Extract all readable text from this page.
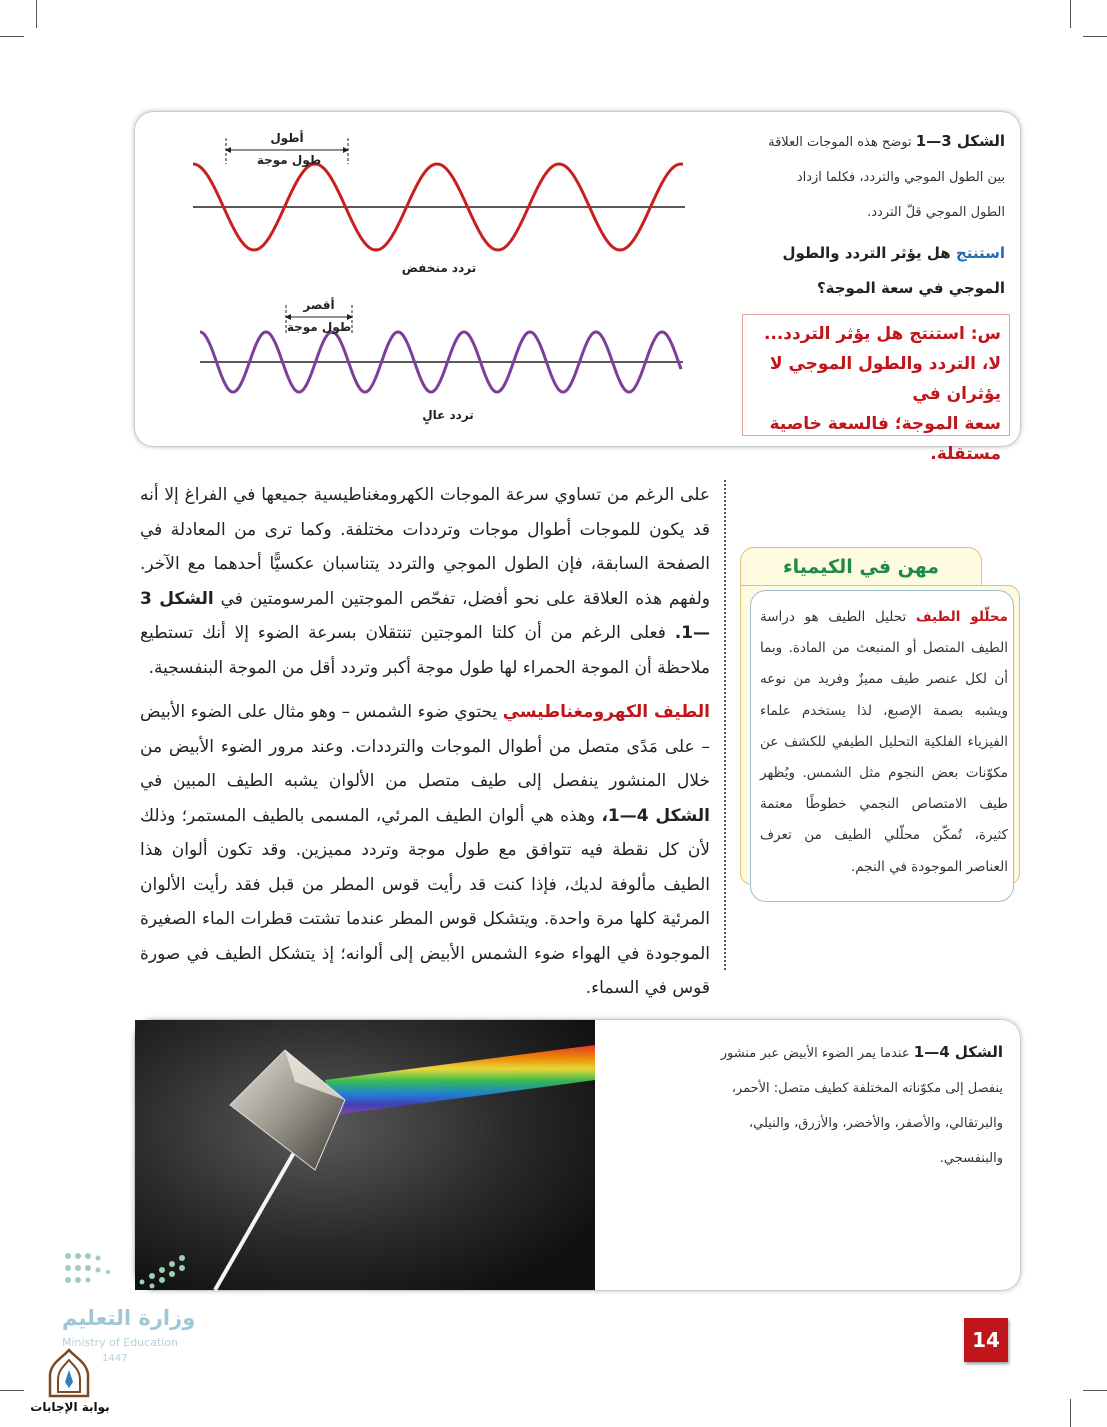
أطول
طول موجة
تردد منخفض
أقصر
طول موجة
تردد عالٍ
الشكل 3—1 توضح هذه الموجات العلاقة بين الطول الموجي والتردد، فكلما ازداد الطول الموجي قلّ التردد.
استنتج هل يؤثر التردد والطول الموجي في سعة الموجة؟
س: استنتج هل يؤثر التردد...
لا، التردد والطول الموجي لا يؤثران في
سعة الموجة؛ فالسعة خاصية مستقلة.

على الرغم من تساوي سرعة الموجات الكهرومغناطيسية جميعها في الفراغ إلا أنه قد يكون للموجات أطوال موجات وترددات مختلفة. وكما ترى من المعادلة في الصفحة السابقة، فإن الطول الموجي والتردد يتناسبان عكسيًّا أحدهما مع الآخر. ولفهم هذه العلاقة على نحو أفضل، تفحّص الموجتين المرسومتين في الشكل 3—1. فعلى الرغم من أن كلتا الموجتين تنتقلان بسرعة الضوء إلا أنك تستطيع ملاحظة أن الموجة الحمراء لها طول موجة أكبر وتردد أقل من الموجة البنفسجية.

الطيف الكهرومغناطيسي يحتوي ضوء الشمس – وهو مثال على الضوء الأبيض – على مَدًى متصل من أطوال الموجات والترددات. وعند مرور الضوء الأبيض من خلال المنشور ينفصل إلى طيف متصل من الألوان يشبه الطيف المبين في الشكل 4—1، وهذه هي ألوان الطيف المرئي، المسمى بالطيف المستمر؛ وذلك لأن كل نقطة فيه تتوافق مع طول موجة وتردد مميزين. وقد تكون ألوان هذا الطيف مألوفة لديك، فإذا كنت قد رأيت قوس المطر من قبل فقد رأيت الألوان المرئية كلها مرة واحدة. ويتشكل قوس المطر عندما تشتت قطرات الماء الصغيرة الموجودة في الهواء ضوء الشمس الأبيض إلى ألوانه؛ إذ يتشكل الطيف في صورة قوس في السماء.

مهن في الكيمياء
محلّلو الطيف تحليل الطيف هو دراسة الطيف المتصل أو المنبعث من المادة. وبما أن لكل عنصر طيف مميزٌ وفريد من نوعه ويشبه بصمة الإصبع، لذا يستخدم علماء الفيزياء الفلكية التحليل الطيفي للكشف عن مكوّنات بعض النجوم مثل الشمس. ويُظهر طيف الامتصاص النجمي خطوطًا معتمة كثيرة، تُمكّن محلّلي الطيف من تعرف العناصر الموجودة في النجم.
الشكل 4—1 عندما يمر الضوء الأبيض عبر منشور ينفصل إلى مكوّناته المختلفة كطيف متصل: الأحمر، والبرتقالي، والأصفر، والأخضر، والأزرق، والنيلي، والبنفسجي.
وزارة التعليم
Ministry of Education
1447
بوابة الإجابات
14
